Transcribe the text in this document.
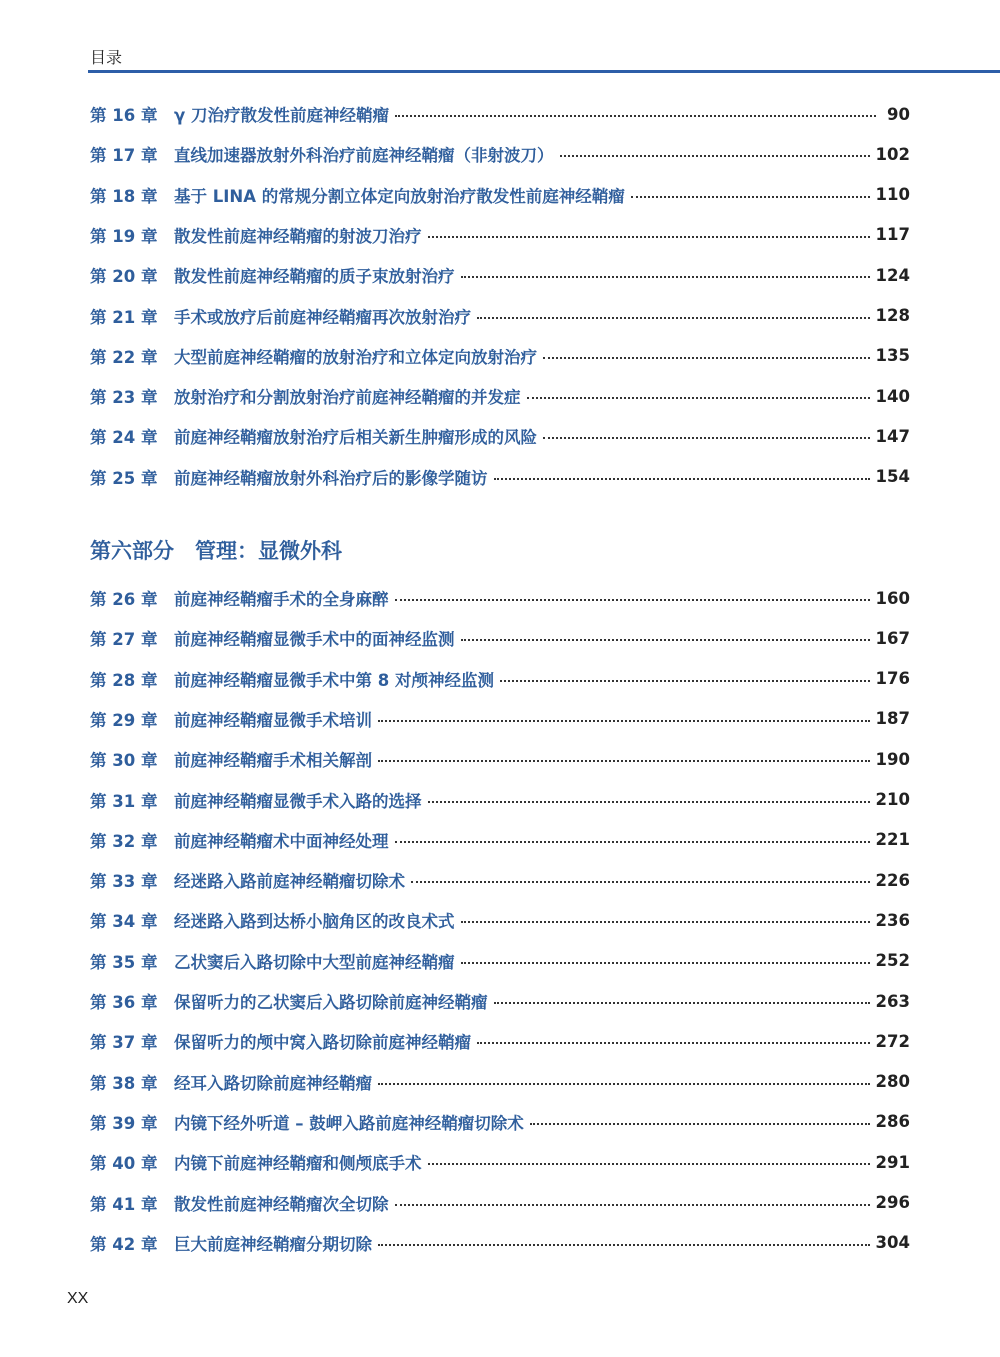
目录
第 16 章	γ 刀治疗散发性前庭神经鞘瘤	90
第 17 章	直线加速器放射外科治疗前庭神经鞘瘤（非射波刀）	102
第 18 章	基于 LINA 的常规分割立体定向放射治疗散发性前庭神经鞘瘤	110
第 19 章	散发性前庭神经鞘瘤的射波刀治疗	117
第 20 章	散发性前庭神经鞘瘤的质子束放射治疗	124
第 21 章	手术或放疗后前庭神经鞘瘤再次放射治疗	128
第 22 章	大型前庭神经鞘瘤的放射治疗和立体定向放射治疗	135
第 23 章	放射治疗和分割放射治疗前庭神经鞘瘤的并发症	140
第 24 章	前庭神经鞘瘤放射治疗后相关新生肿瘤形成的风险	147
第 25 章	前庭神经鞘瘤放射外科治疗后的影像学随访	154
第六部分　管理：显微外科
第 26 章	前庭神经鞘瘤手术的全身麻醉	160
第 27 章	前庭神经鞘瘤显微手术中的面神经监测	167
第 28 章	前庭神经鞘瘤显微手术中第 8 对颅神经监测	176
第 29 章	前庭神经鞘瘤显微手术培训	187
第 30 章	前庭神经鞘瘤手术相关解剖	190
第 31 章	前庭神经鞘瘤显微手术入路的选择	210
第 32 章	前庭神经鞘瘤术中面神经处理	221
第 33 章	经迷路入路前庭神经鞘瘤切除术	226
第 34 章	经迷路入路到达桥小脑角区的改良术式	236
第 35 章	乙状窦后入路切除中大型前庭神经鞘瘤	252
第 36 章	保留听力的乙状窦后入路切除前庭神经鞘瘤	263
第 37 章	保留听力的颅中窝入路切除前庭神经鞘瘤	272
第 38 章	经耳入路切除前庭神经鞘瘤	280
第 39 章	内镜下经外听道 – 鼓岬入路前庭神经鞘瘤切除术	286
第 40 章	内镜下前庭神经鞘瘤和侧颅底手术	291
第 41 章	散发性前庭神经鞘瘤次全切除	296
第 42 章	巨大前庭神经鞘瘤分期切除	304
XX
